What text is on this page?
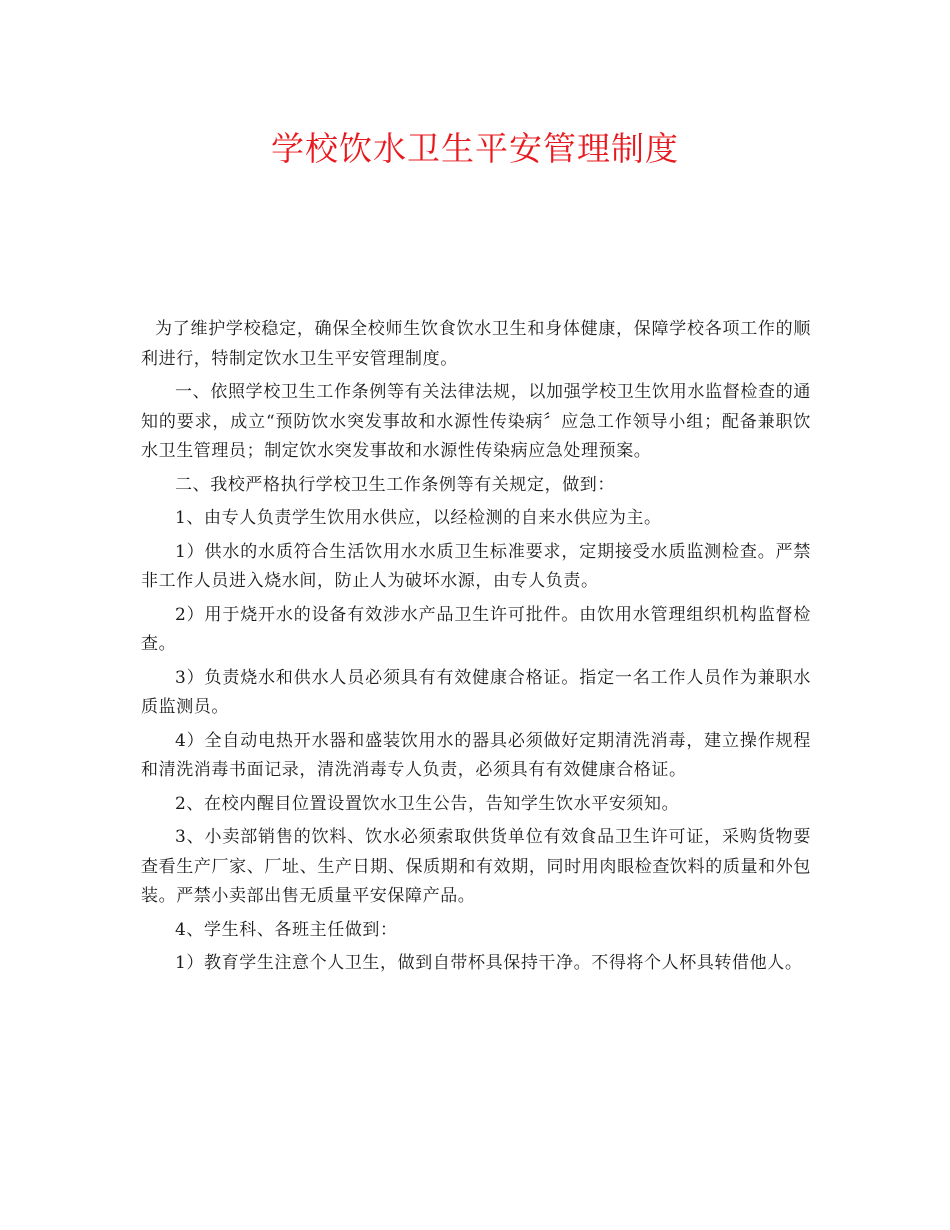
学校饮水卫生平安管理制度

为了维护学校稳定，确保全校师生饮食饮水卫生和身体健康，保障学校各项工作的顺利进行，特制定饮水卫生平安管理制度。

一、依照学校卫生工作条例等有关法律法规，以加强学校卫生饮用水监督检查的通知的要求，成立“预防饮水突发事故和水源性传染病〞应急工作领导小组；配备兼职饮水卫生管理员；制定饮水突发事故和水源性传染病应急处理预案。

二、我校严格执行学校卫生工作条例等有关规定，做到：

1、由专人负责学生饮用水供应，以经检测的自来水供应为主。

1）供水的水质符合生活饮用水水质卫生标准要求，定期接受水质监测检查。严禁非工作人员进入烧水间，防止人为破坏水源，由专人负责。

2）用于烧开水的设备有效涉水产品卫生许可批件。由饮用水管理组织机构监督检查。

3）负责烧水和供水人员必须具有有效健康合格证。指定一名工作人员作为兼职水质监测员。

4）全自动电热开水器和盛装饮用水的器具必须做好定期清洗消毒，建立操作规程和清洗消毒书面记录，清洗消毒专人负责，必须具有有效健康合格证。

2、在校内醒目位置设置饮水卫生公告，告知学生饮水平安须知。

3、小卖部销售的饮料、饮水必须索取供货单位有效食品卫生许可证，采购货物要查看生产厂家、厂址、生产日期、保质期和有效期，同时用肉眼检查饮料的质量和外包装。严禁小卖部出售无质量平安保障产品。

4、学生科、各班主任做到：

1）教育学生注意个人卫生，做到自带杯具保持干净。不得将个人杯具转借他人。
